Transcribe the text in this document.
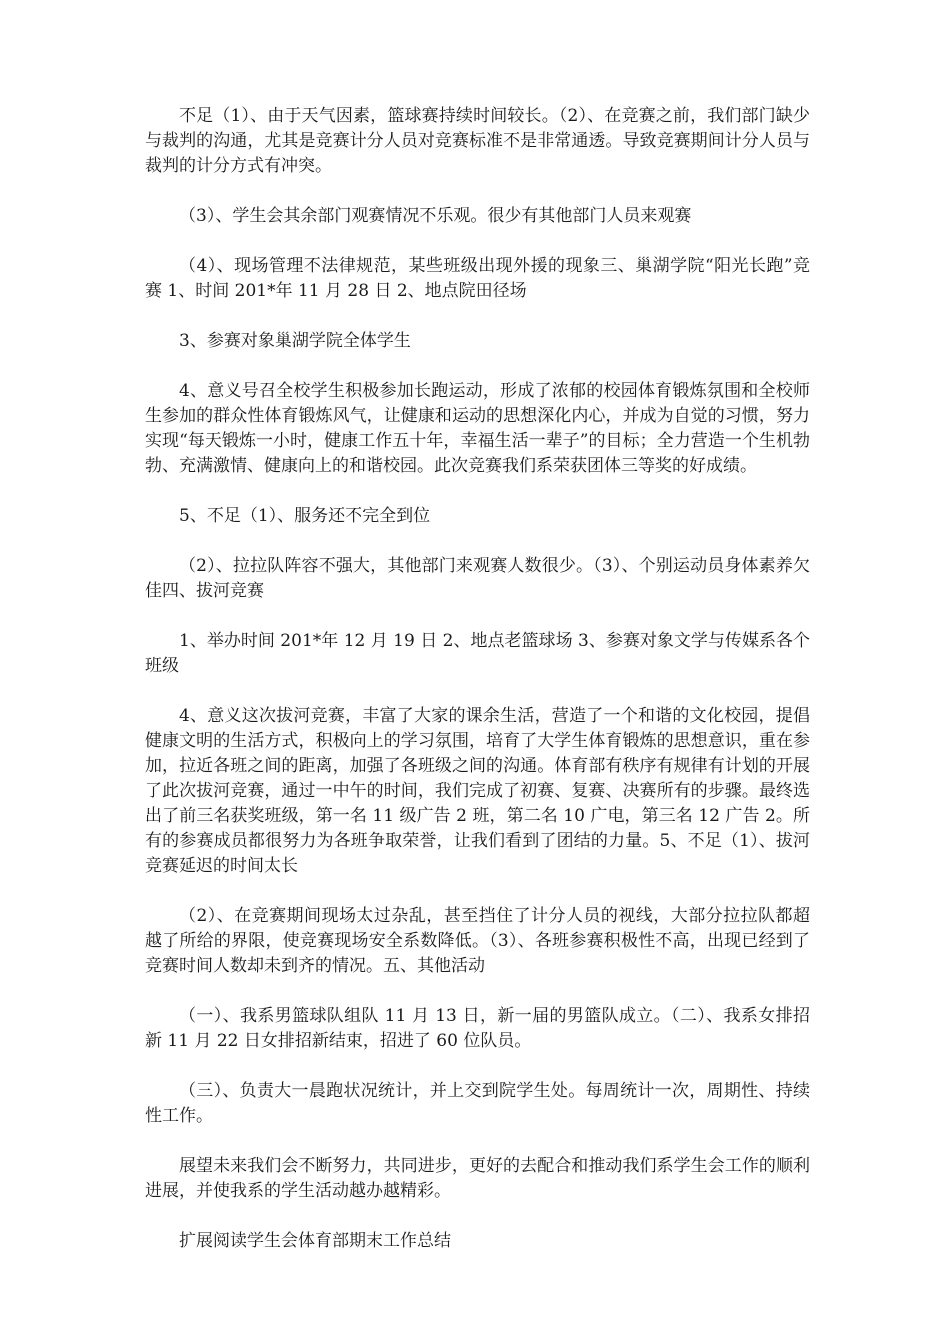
不足（1）、由于天气因素，篮球赛持续时间较长。（2）、在竞赛之前，我们部门缺少与裁判的沟通，尤其是竞赛计分人员对竞赛标准不是非常通透。导致竞赛期间计分人员与裁判的计分方式有冲突。

（3）、学生会其余部门观赛情况不乐观。很少有其他部门人员来观赛

（4）、现场管理不法律规范，某些班级出现外援的现象三、巢湖学院“阳光长跑”竞赛 1、时间 201*年 11 月 28 日 2、地点院田径场

3、参赛对象巢湖学院全体学生

4、意义号召全校学生积极参加长跑运动，形成了浓郁的校园体育锻炼氛围和全校师生参加的群众性体育锻炼风气，让健康和运动的思想深化内心，并成为自觉的习惯，努力实现“每天锻炼一小时，健康工作五十年，幸福生活一辈子”的目标；全力营造一个生机勃勃、充满激情、健康向上的和谐校园。此次竞赛我们系荣获团体三等奖的好成绩。

5、不足（1）、服务还不完全到位

（2）、拉拉队阵容不强大，其他部门来观赛人数很少。（3）、个别运动员身体素养欠佳四、拔河竞赛

1、举办时间 201*年 12 月 19 日 2、地点老篮球场 3、参赛对象文学与传媒系各个班级

4、意义这次拔河竞赛，丰富了大家的课余生活，营造了一个和谐的文化校园，提倡健康文明的生活方式，积极向上的学习氛围，培育了大学生体育锻炼的思想意识，重在参加，拉近各班之间的距离，加强了各班级之间的沟通。体育部有秩序有规律有计划的开展了此次拔河竞赛，通过一中午的时间，我们完成了初赛、复赛、决赛所有的步骤。最终选出了前三名获奖班级，第一名 11 级广告 2 班，第二名 10 广电，第三名 12 广告 2。所有的参赛成员都很努力为各班争取荣誉，让我们看到了团结的力量。5、不足（1）、拔河竞赛延迟的时间太长

（2）、在竞赛期间现场太过杂乱，甚至挡住了计分人员的视线，大部分拉拉队都超越了所给的界限，使竞赛现场安全系数降低。（3）、各班参赛积极性不高，出现已经到了竞赛时间人数却未到齐的情况。五、其他活动

（一）、我系男篮球队组队 11 月 13 日，新一届的男篮队成立。（二）、我系女排招新 11 月 22 日女排招新结束，招进了 60 位队员。

（三）、负责大一晨跑状况统计，并上交到院学生处。每周统计一次，周期性、持续性工作。

展望未来我们会不断努力，共同进步，更好的去配合和推动我们系学生会工作的顺利进展，并使我系的学生活动越办越精彩。

扩展阅读学生会体育部期末工作总结
